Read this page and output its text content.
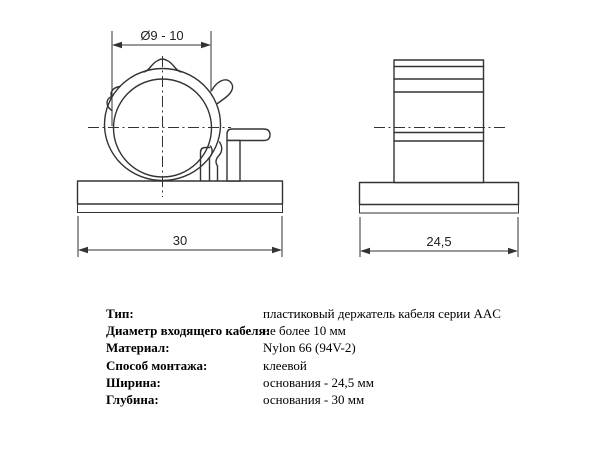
Ø9 - 10
30	24,5
Тип:	пластиковый держатель кабеля серии AAC
Диаметр входящего кабеля:
не более 10 мм
Материал:	Nylon 66 (94V-2)
Способ монтажа:	клеевой
Ширина:	основания - 24,5 мм
Глубина:	основания - 30 мм
